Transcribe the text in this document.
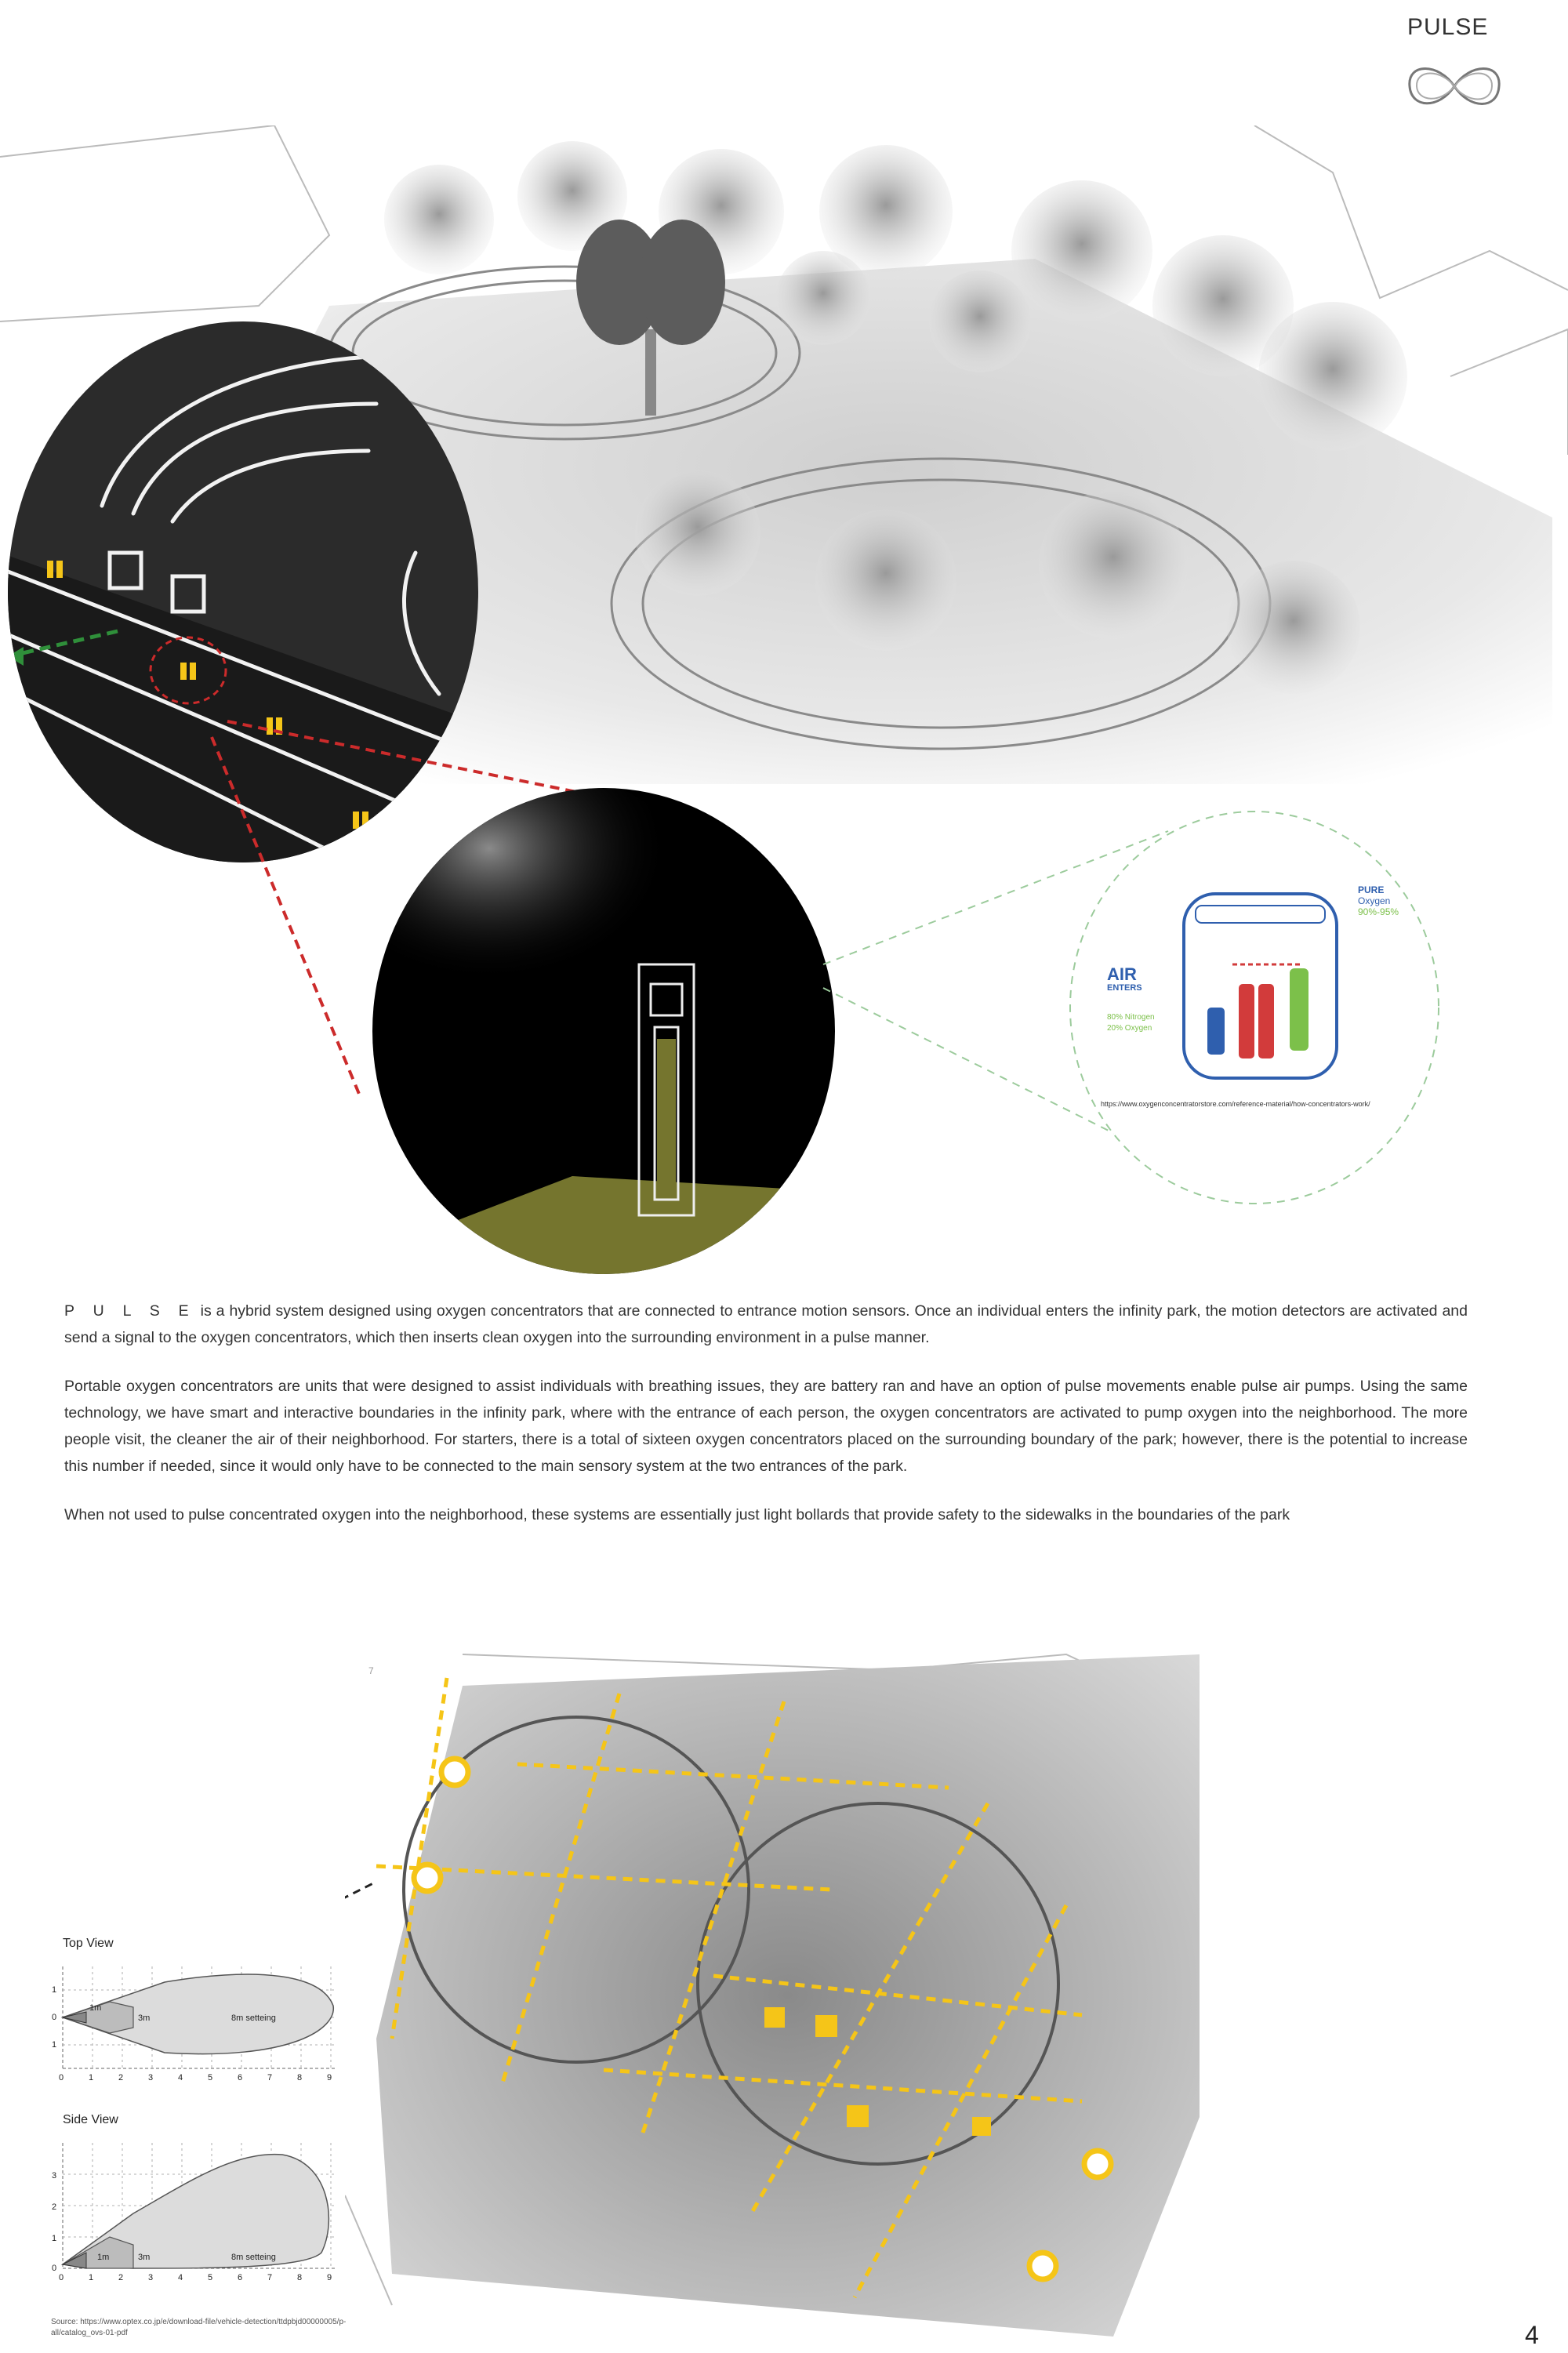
PULSE
AIR
ENTERS
80% Nitrogen
20% Oxygen
PURE
Oxygen
90%-95%
https://www.oxygenconcentratorstore.com/reference-material/how-concentrators-work/

P U L S E is a hybrid system designed using oxygen concentrators that are connected to entrance motion sensors. Once an individual enters the infinity park, the motion detectors are activated and send a signal to the oxygen concentrators, which then inserts clean oxygen into the surrounding environment in a pulse manner.

Portable oxygen concentrators are units that were designed to assist individuals with breathing issues, they are battery ran and have an option of pulse movements enable pulse air pumps. Using the same technology, we have smart and interactive boundaries in the infinity park, where with the entrance of each person, the oxygen concentrators are activated to pump oxygen into the neighborhood. The more people visit, the cleaner the air of their neighborhood. For starters, there is a total of sixteen oxygen concentrators placed on the surrounding boundary of the park; however, there is the potential to increase this number if needed, since it would only have to be connected to the main sensory system at the two entrances of the park.

When not used to pulse concentrated oxygen into the neighborhood, these systems are essentially just light bollards that provide safety to the sidewalks in the boundaries of the park

7
Top View
1
0
1
1m
3m	8m setteing
0	1	2	3	4	5	6	7	8	9
Side View
3
2
1
0
1m	3m	8m setteing
0	1	2	3	4	5	6	7	8	9
Source: https://www.optex.co.jp/e/download-file/vehicle-detection/ttdpbjd00000005/p-all/catalog_ovs-01-pdf	4
